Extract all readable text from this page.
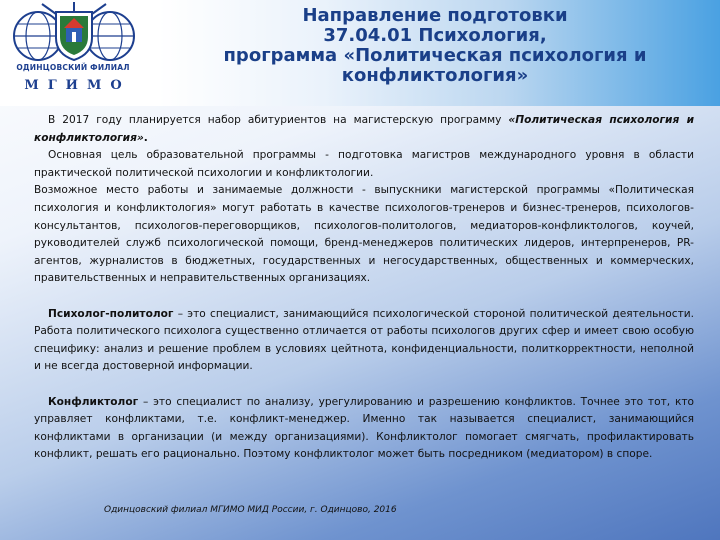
ОДИНЦОВСКИЙ ФИЛИАЛ
МГИМО
Направление подготовки
37.04.01 Психология,
программа «Политическая психология и
конфликтология»

В 2017 году планируется набор абитуриентов на магистерскую программу «Политическая психология и конфликтология».

Основная цель образовательной программы - подготовка магистров международного уровня в области практической политической психологии и конфликтологии.

Возможное место работы и занимаемые должности - выпускники магистерской программы «Политическая психология и конфликтология» могут работать в качестве психологов-тренеров и бизнес-тренеров, психологов-консультантов, психологов-переговорщиков, психологов-политологов, медиаторов-конфликтологов, коучей, руководителей служб психологической помощи, бренд-менеджеров политических лидеров, интерпренеров, PR-агентов, журналистов в бюджетных, государственных и негосударственных, общественных и коммерческих, правительственных и неправительственных организациях.

Психолог-политолог – это специалист, занимающийся психологической стороной политической деятельности. Работа политического психолога существенно отличается от работы психологов других сфер и имеет свою особую специфику: анализ и решение проблем в условиях цейтнота, конфиденциальности, политкорректности, неполной и не всегда достоверной информации.

Конфликтолог – это специалист по анализу, урегулированию и разрешению конфликтов. Точнее это тот, кто управляет конфликтами, т.е. конфликт-менеджер. Именно так называется специалист, занимающийся конфликтами в организации (и между организациями). Конфликтолог помогает смягчать, профилактировать конфликт, решать его рационально. Поэтому конфликтолог может быть посредником (медиатором) в споре.

Одинцовский филиал МГИМО МИД России, г. Одинцово, 2016
